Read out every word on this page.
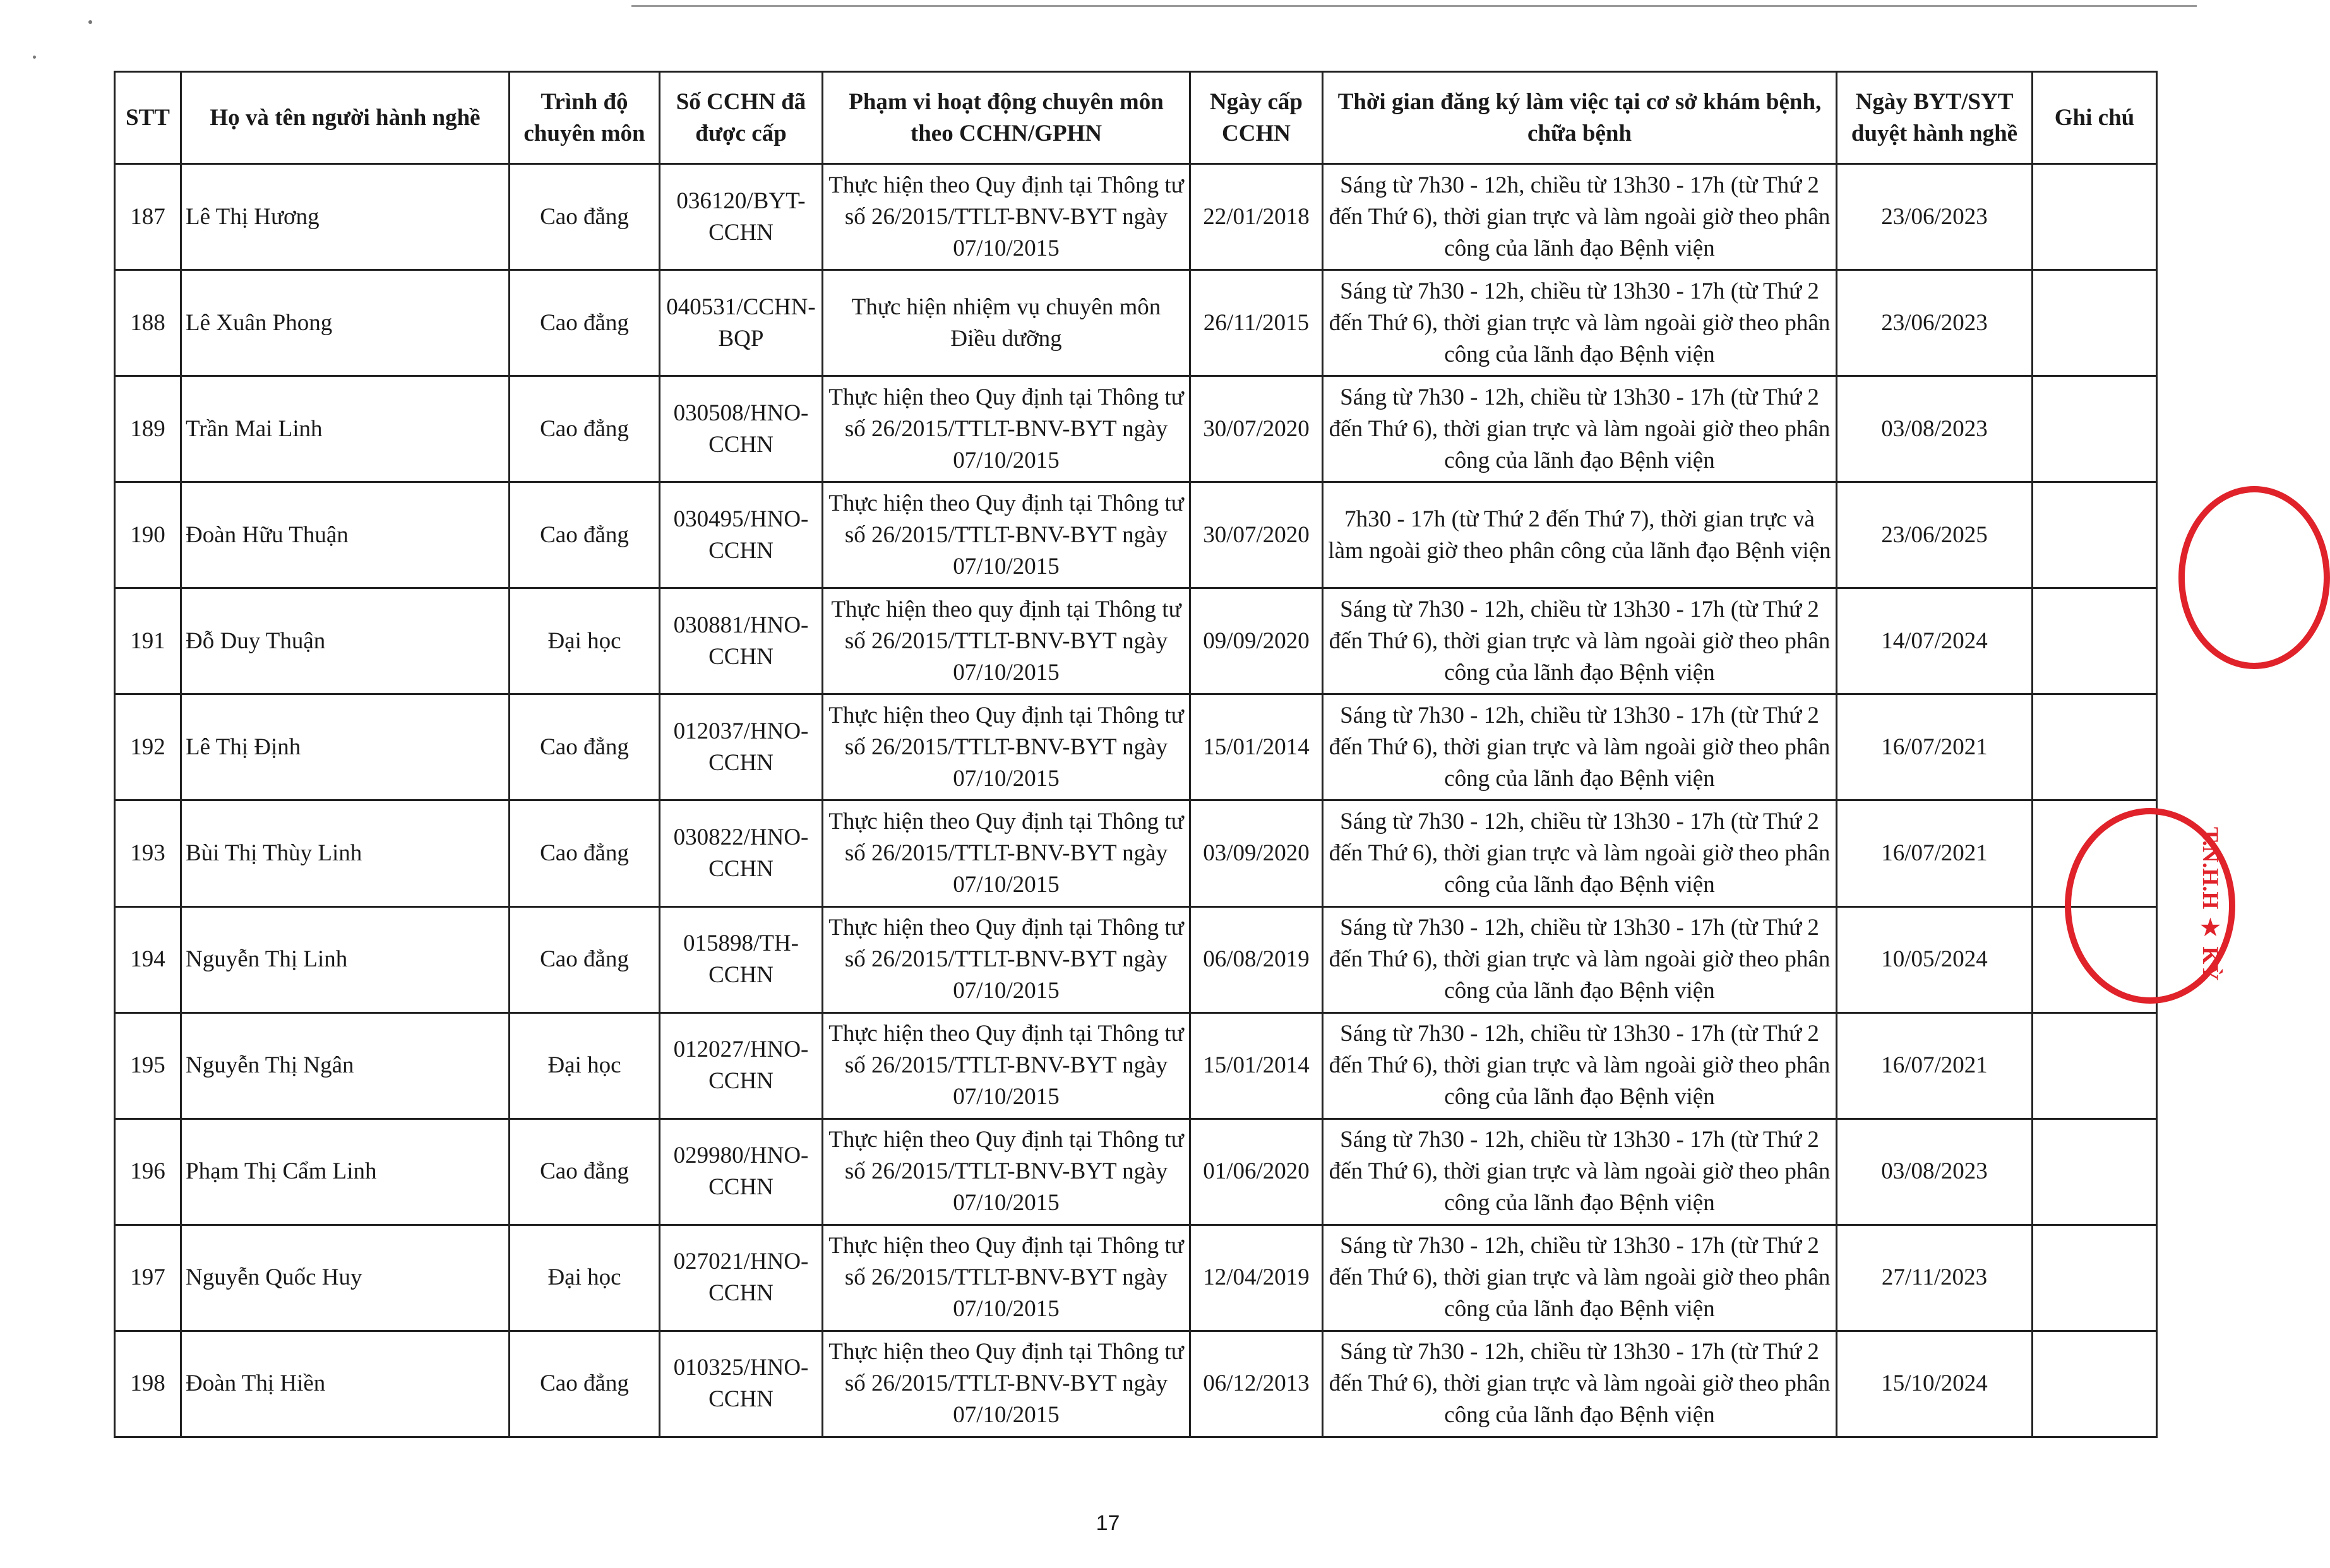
STT	Họ và tên người hành nghề	Trình độ chuyên môn	Số CCHN đã được cấp	Phạm vi hoạt động chuyên môn theo CCHN/GPHN	Ngày cấp CCHN	Thời gian đăng ký làm việc tại cơ sở khám bệnh, chữa bệnh	Ngày BYT/SYT duyệt hành nghề	Ghi chú
187	Lê Thị Hương	Cao đẳng	036120/BYT-CCHN	Thực hiện theo Quy định tại Thông tư số 26/2015/TTLT-BNV-BYT ngày 07/10/2015	22/01/2018	Sáng từ 7h30 - 12h, chiều từ 13h30 - 17h (từ Thứ 2 đến Thứ 6), thời gian trực và làm ngoài giờ theo phân công của lãnh đạo Bệnh viện	23/06/2023	
188	Lê Xuân Phong	Cao đẳng	040531/CCHN-BQP	Thực hiện nhiệm vụ chuyên môn Điều dưỡng	26/11/2015	Sáng từ 7h30 - 12h, chiều từ 13h30 - 17h (từ Thứ 2 đến Thứ 6), thời gian trực và làm ngoài giờ theo phân công của lãnh đạo Bệnh viện	23/06/2023	
189	Trần Mai Linh	Cao đẳng	030508/HNO-CCHN	Thực hiện theo Quy định tại Thông tư số 26/2015/TTLT-BNV-BYT ngày 07/10/2015	30/07/2020	Sáng từ 7h30 - 12h, chiều từ 13h30 - 17h (từ Thứ 2 đến Thứ 6), thời gian trực và làm ngoài giờ theo phân công của lãnh đạo Bệnh viện	03/08/2023	
190	Đoàn Hữu Thuận	Cao đẳng	030495/HNO-CCHN	Thực hiện theo Quy định tại Thông tư số 26/2015/TTLT-BNV-BYT ngày 07/10/2015	30/07/2020	7h30 - 17h (từ Thứ 2 đến Thứ 7), thời gian trực và làm ngoài giờ theo phân công của lãnh đạo Bệnh viện	23/06/2025	
191	Đỗ Duy Thuận	Đại học	030881/HNO-CCHN	Thực hiện theo quy định tại Thông tư số 26/2015/TTLT-BNV-BYT ngày 07/10/2015	09/09/2020	Sáng từ 7h30 - 12h, chiều từ 13h30 - 17h (từ Thứ 2 đến Thứ 6), thời gian trực và làm ngoài giờ theo phân công của lãnh đạo Bệnh viện	14/07/2024	
192	Lê Thị Định	Cao đẳng	012037/HNO-CCHN	Thực hiện theo Quy định tại Thông tư số 26/2015/TTLT-BNV-BYT ngày 07/10/2015	15/01/2014	Sáng từ 7h30 - 12h, chiều từ 13h30 - 17h (từ Thứ 2 đến Thứ 6), thời gian trực và làm ngoài giờ theo phân công của lãnh đạo Bệnh viện	16/07/2021	
193	Bùi Thị Thùy Linh	Cao đẳng	030822/HNO-CCHN	Thực hiện theo Quy định tại Thông tư số 26/2015/TTLT-BNV-BYT ngày 07/10/2015	03/09/2020	Sáng từ 7h30 - 12h, chiều từ 13h30 - 17h (từ Thứ 2 đến Thứ 6), thời gian trực và làm ngoài giờ theo phân công của lãnh đạo Bệnh viện	16/07/2021	
194	Nguyễn Thị Linh	Cao đẳng	015898/TH-CCHN	Thực hiện theo Quy định tại Thông tư số 26/2015/TTLT-BNV-BYT ngày 07/10/2015	06/08/2019	Sáng từ 7h30 - 12h, chiều từ 13h30 - 17h (từ Thứ 2 đến Thứ 6), thời gian trực và làm ngoài giờ theo phân công của lãnh đạo Bệnh viện	10/05/2024	
195	Nguyễn Thị Ngân	Đại học	012027/HNO-CCHN	Thực hiện theo Quy định tại Thông tư số 26/2015/TTLT-BNV-BYT ngày 07/10/2015	15/01/2014	Sáng từ 7h30 - 12h, chiều từ 13h30 - 17h (từ Thứ 2 đến Thứ 6), thời gian trực và làm ngoài giờ theo phân công của lãnh đạo Bệnh viện	16/07/2021	
196	Phạm Thị Cẩm Linh	Cao đẳng	029980/HNO-CCHN	Thực hiện theo Quy định tại Thông tư số 26/2015/TTLT-BNV-BYT ngày 07/10/2015	01/06/2020	Sáng từ 7h30 - 12h, chiều từ 13h30 - 17h (từ Thứ 2 đến Thứ 6), thời gian trực và làm ngoài giờ theo phân công của lãnh đạo Bệnh viện	03/08/2023	
197	Nguyễn Quốc Huy	Đại học	027021/HNO-CCHN	Thực hiện theo Quy định tại Thông tư số 26/2015/TTLT-BNV-BYT ngày 07/10/2015	12/04/2019	Sáng từ 7h30 - 12h, chiều từ 13h30 - 17h (từ Thứ 2 đến Thứ 6), thời gian trực và làm ngoài giờ theo phân công của lãnh đạo Bệnh viện	27/11/2023	
198	Đoàn Thị Hiền	Cao đẳng	010325/HNO-CCHN	Thực hiện theo Quy định tại Thông tư số 26/2015/TTLT-BNV-BYT ngày 07/10/2015	06/12/2013	Sáng từ 7h30 - 12h, chiều từ 13h30 - 17h (từ Thứ 2 đến Thứ 6), thời gian trực và làm ngoài giờ theo phân công của lãnh đạo Bệnh viện	15/10/2024	
T.N.H.H ★ KỲ
17
